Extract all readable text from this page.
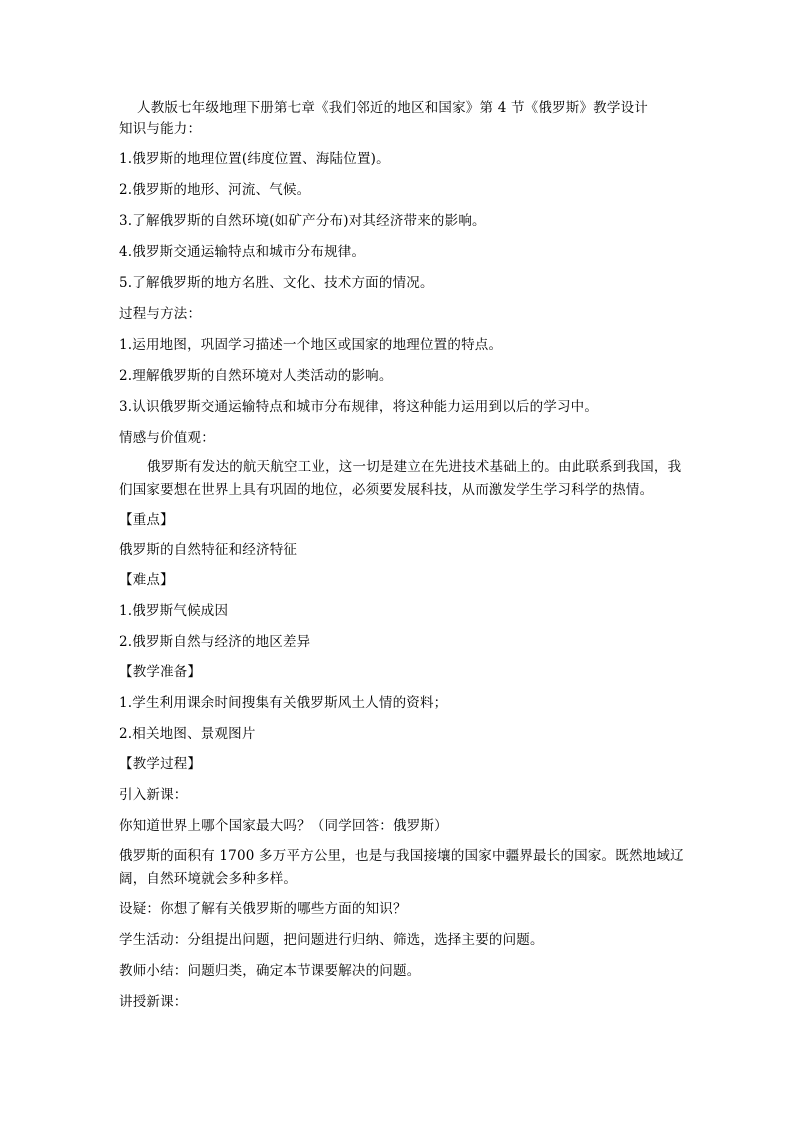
人教版七年级地理下册第七章《我们邻近的地区和国家》第 4 节《俄罗斯》教学设计
知识与能力：
1.俄罗斯的地理位置(纬度位置、海陆位置)。
2.俄罗斯的地形、河流、气候。
3.了解俄罗斯的自然环境(如矿产分布)对其经济带来的影响。
4.俄罗斯交通运输特点和城市分布规律。
5.了解俄罗斯的地方名胜、文化、技术方面的情况。
过程与方法：
1.运用地图，巩固学习描述一个地区或国家的地理位置的特点。
2.理解俄罗斯的自然环境对人类活动的影响。
3.认识俄罗斯交通运输特点和城市分布规律，将这种能力运用到以后的学习中。
情感与价值观：
俄罗斯有发达的航天航空工业，这一切是建立在先进技术基础上的。由此联系到我国，我们国家要想在世界上具有巩固的地位，必须要发展科技，从而激发学生学习科学的热情。
【重点】
俄罗斯的自然特征和经济特征
【难点】
1.俄罗斯气候成因
2.俄罗斯自然与经济的地区差异
【教学准备】
1.学生利用课余时间搜集有关俄罗斯风土人情的资料；
2.相关地图、景观图片
【教学过程】
引入新课：
你知道世界上哪个国家最大吗？（同学回答：俄罗斯）
俄罗斯的面积有 1700 多万平方公里，也是与我国接壤的国家中疆界最长的国家。既然地域辽阔，自然环境就会多种多样。
设疑：你想了解有关俄罗斯的哪些方面的知识？
学生活动：分组提出问题，把问题进行归纳、筛选，选择主要的问题。
教师小结：问题归类，确定本节课要解决的问题。
讲授新课：
